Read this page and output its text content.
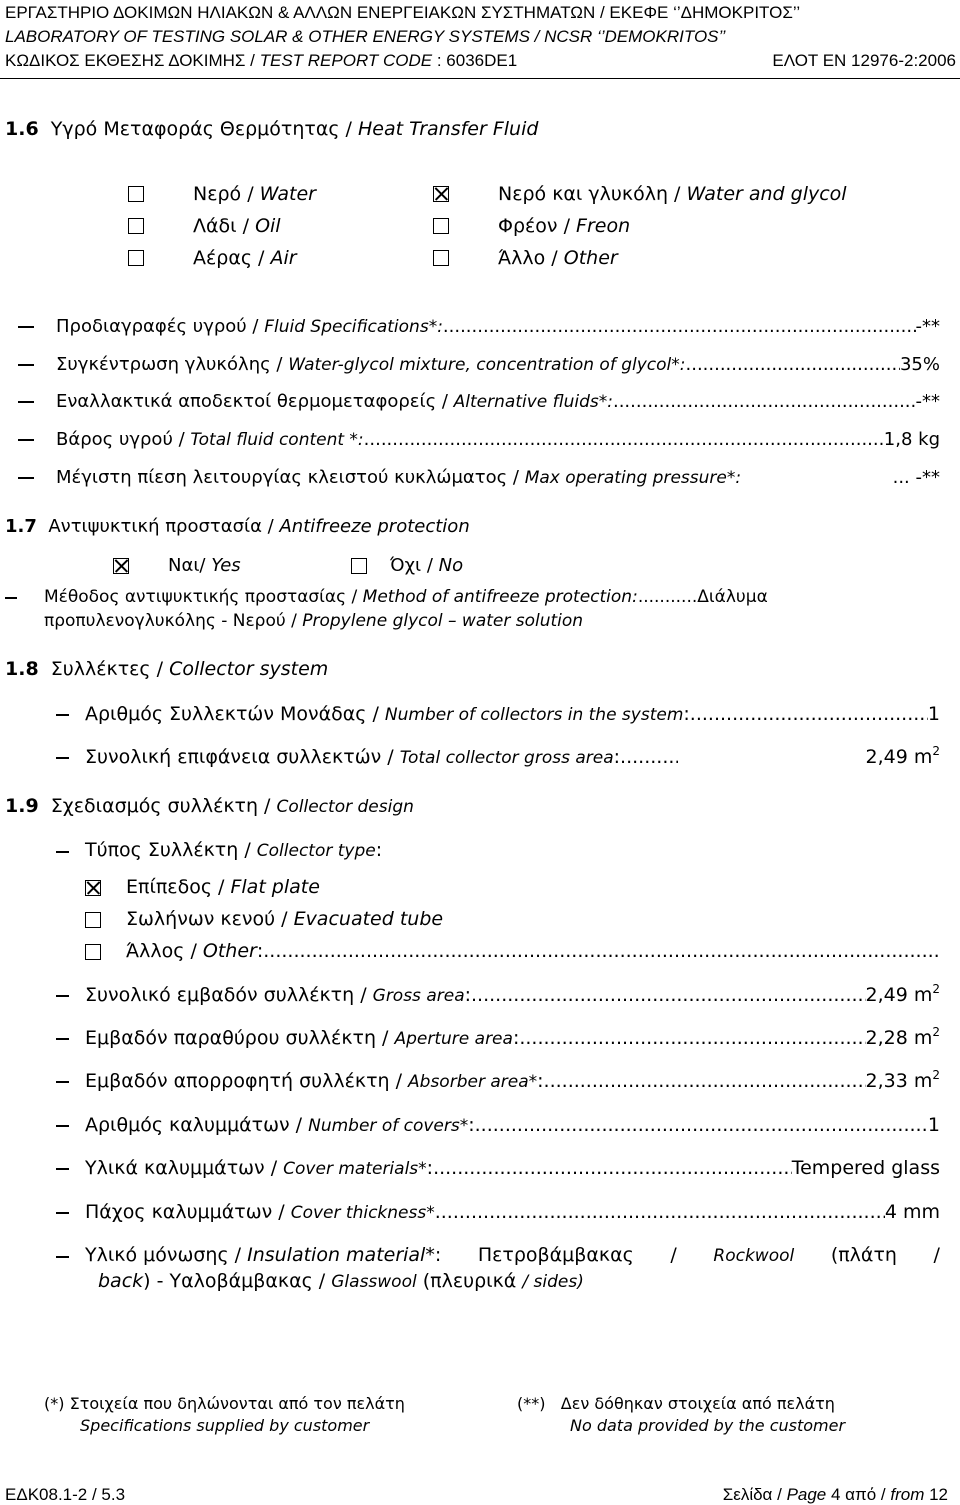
ΕΡΓΑΣΤΗΡΙΟ ΔΟΚΙΜΩΝ ΗΛΙΑΚΩΝ & ΑΛΛΩΝ ΕΝΕΡΓΕΙΑΚΩΝ ΣΥΣΤΗΜΑΤΩΝ / ΕΚΕΦΕ ‘’ΔΗΜΟΚΡΙΤΟΣ’’
LABORATORY OF TESTING SOLAR & OTHER ENERGY SYSTEMS / NCSR ‘’DEMOKRITOS’’
ΚΩΔΙΚΟΣ ΕΚΘΕΣΗΣ ΔΟΚΙΜΗΣ / TEST REPORT CODE : 6036DE1	ΕΛΟΤ ΕΝ 12976-2:2006
1.6 Υγρό Μεταφοράς Θερμότητας / Heat Transfer Fluid
Νερό / Water	Νερό και γλυκόλη / Water and glycol
Λάδι / Oil	Φρέον / Freon
Αέρας / Air	Άλλο / Other
Προδιαγραφές υγρού / Fluid Specifications*: .....	-**
Συγκέντρωση γλυκόλης / Water-glycol mixture, concentration of glycol*: .....	35%
Εναλλακτικά αποδεκτοί θερμομεταφορείς / Alternative fluids*: .....	-**
Βάρος υγρού / Total fluid content *: .....	1,8 kg
Μέγιστη πίεση λειτουργίας κλειστού κυκλώματος / Max operating pressure*:	... -**
1.7 Αντιψυκτική προστασία / Antifreeze protection
Ναι/ Yes	Όχι / No
Μέθοδος αντιψυκτικής προστασίας / Method of antifreeze protection:...........Διάλυμα
προπυλενογλυκόλης - Νερού / Propylene glycol – water solution
1.8 Συλλέκτες / Collector system
Αριθμός Συλλεκτών Μονάδας / Number of collectors in the system: .....	1
Συνολική επιφάνεια συλλεκτών / Total collector gross area: .....	2,49 $m^2$
1.9 Σχεδιασμός συλλέκτη / Collector design
Τύπος Συλλέκτη / Collector type:
Επίπεδος / Flat plate
Σωλήνων κενού / Evacuated tube
Άλλος / Other:
.....
Συνολικό εμβαδόν συλλέκτη / Gross area: .....	2,49 $m^2$
Εμβαδόν παραθύρου συλλέκτη / Aperture area: .....	2,28 $m^2$
Εμβαδόν απορροφητή συλλέκτη / Absorber area*: .....	2,33 $m^2$
Αριθμός καλυμμάτων / Number of covers*: .....	1
Υλικά καλυμμάτων / Cover materials*: .....	Tempered glass
Πάχος καλυμμάτων / Cover thickness* .....	4 mm
Υλικό μόνωσης / Insulation material*: Πετροβάμβακας / Rockwool (πλάτη /
back) - Υαλοβάμβακας / Glasswool (πλευρικά / sides)
(*) Στοιχεία που δηλώνονται από τον πελάτη
Specifications supplied by customer
(**) Δεν δόθηκαν στοιχεία από πελάτη
No data provided by the customer
ΕΔΚ08.1-2 / 5.3	Σελίδα / Page 4 από / from 12
